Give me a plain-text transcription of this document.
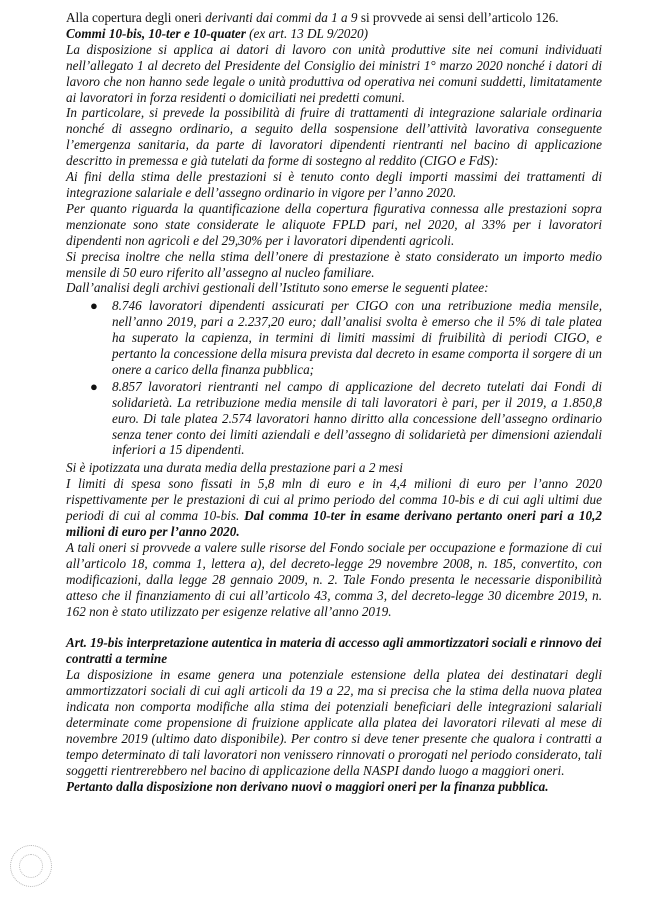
Alla copertura degli oneri derivanti dai commi da 1 a 9 si provvede ai sensi dell’articolo 126.

Commi 10-bis, 10-ter e 10-quater (ex art. 13 DL 9/2020)

La disposizione si applica ai datori di lavoro con unità produttive site nei comuni individuati nell’allegato 1 al decreto del Presidente del Consiglio dei ministri 1° marzo 2020 nonché i datori di lavoro che non hanno sede legale o unità produttiva od operativa nei comuni suddetti, limitatamente ai lavoratori in forza residenti o domiciliati nei predetti comuni.

In particolare, si prevede la possibilità di fruire di trattamenti di integrazione salariale ordinaria nonché di assegno ordinario, a seguito della sospensione dell’attività lavorativa conseguente l’emergenza sanitaria, da parte di lavoratori dipendenti rientranti nel bacino di applicazione descritto in premessa e già tutelati da forme di sostegno al reddito (CIGO e FdS):

Ai fini della stima delle prestazioni si è tenuto conto degli importi massimi dei trattamenti di integrazione salariale e dell’assegno ordinario in vigore per l’anno 2020.

Per quanto riguarda la quantificazione della copertura figurativa connessa alle prestazioni sopra menzionate sono state considerate le aliquote FPLD pari, nel 2020, al 33% per i lavoratori dipendenti non agricoli e del 29,30% per i lavoratori dipendenti agricoli.

Si precisa inoltre che nella stima dell’onere di prestazione è stato considerato un importo medio mensile di 50 euro riferito all’assegno al nucleo familiare.

Dall’analisi degli archivi gestionali dell’Istituto sono emerse le seguenti platee:

● 8.746 lavoratori dipendenti assicurati per CIGO con una retribuzione media mensile, nell’anno 2019, pari a 2.237,20 euro; dall’analisi svolta è emerso che il 5% di tale platea ha superato la capienza, in termini di limiti massimi di fruibilità di periodi CIGO, e pertanto la concessione della misura prevista dal decreto in esame comporta il sorgere di un onere a carico della finanza pubblica;
● 8.857 lavoratori rientranti nel campo di applicazione del decreto tutelati dai Fondi di solidarietà. La retribuzione media mensile di tali lavoratori è pari, per il 2019, a 1.850,8 euro. Di tale platea 2.574 lavoratori hanno diritto alla concessione dell’assegno ordinario senza tener conto dei limiti aziendali e dell’assegno di solidarietà per dimensioni aziendali inferiori a 15 dipendenti.

Si è ipotizzata una durata media della prestazione pari a 2 mesi

I limiti di spesa sono fissati in 5,8 mln di euro e in 4,4 milioni di euro per l’anno 2020 rispettivamente per le prestazioni di cui al primo periodo del comma 10-bis e di cui agli ultimi due periodi di cui al comma 10-bis. Dal comma 10-ter in esame derivano pertanto oneri pari a 10,2 milioni di euro per l’anno 2020.

A tali oneri si provvede a valere sulle risorse del Fondo sociale per occupazione e formazione di cui all’articolo 18, comma 1, lettera a), del decreto-legge 29 novembre 2008, n. 185, convertito, con modificazioni, dalla legge 28 gennaio 2009, n. 2. Tale Fondo presenta le necessarie disponibilità atteso che il finanziamento di cui all’articolo 43, comma 3, del decreto-legge 30 dicembre 2019, n. 162 non è stato utilizzato per esigenze relative all’anno 2019.

Art. 19-bis interpretazione autentica in materia di accesso agli ammortizzatori sociali e rinnovo dei contratti a termine

La disposizione in esame genera una potenziale estensione della platea dei destinatari degli ammortizzatori sociali di cui agli articoli da 19 a 22, ma si precisa che la stima della nuova platea indicata non comporta modifiche alla stima dei potenziali beneficiari delle integrazioni salariali determinate come propensione di fruizione applicate alla platea dei lavoratori rilevati al mese di novembre 2019 (ultimo dato disponibile). Per contro si deve tener presente che qualora i contratti a tempo determinato di tali lavoratori non venissero rinnovati o prorogati nel periodo considerato, tali soggetti rientrerebbero nel bacino di applicazione della NASPI dando luogo a maggiori oneri.

Pertanto dalla disposizione non derivano nuovi o maggiori oneri per la finanza pubblica.
